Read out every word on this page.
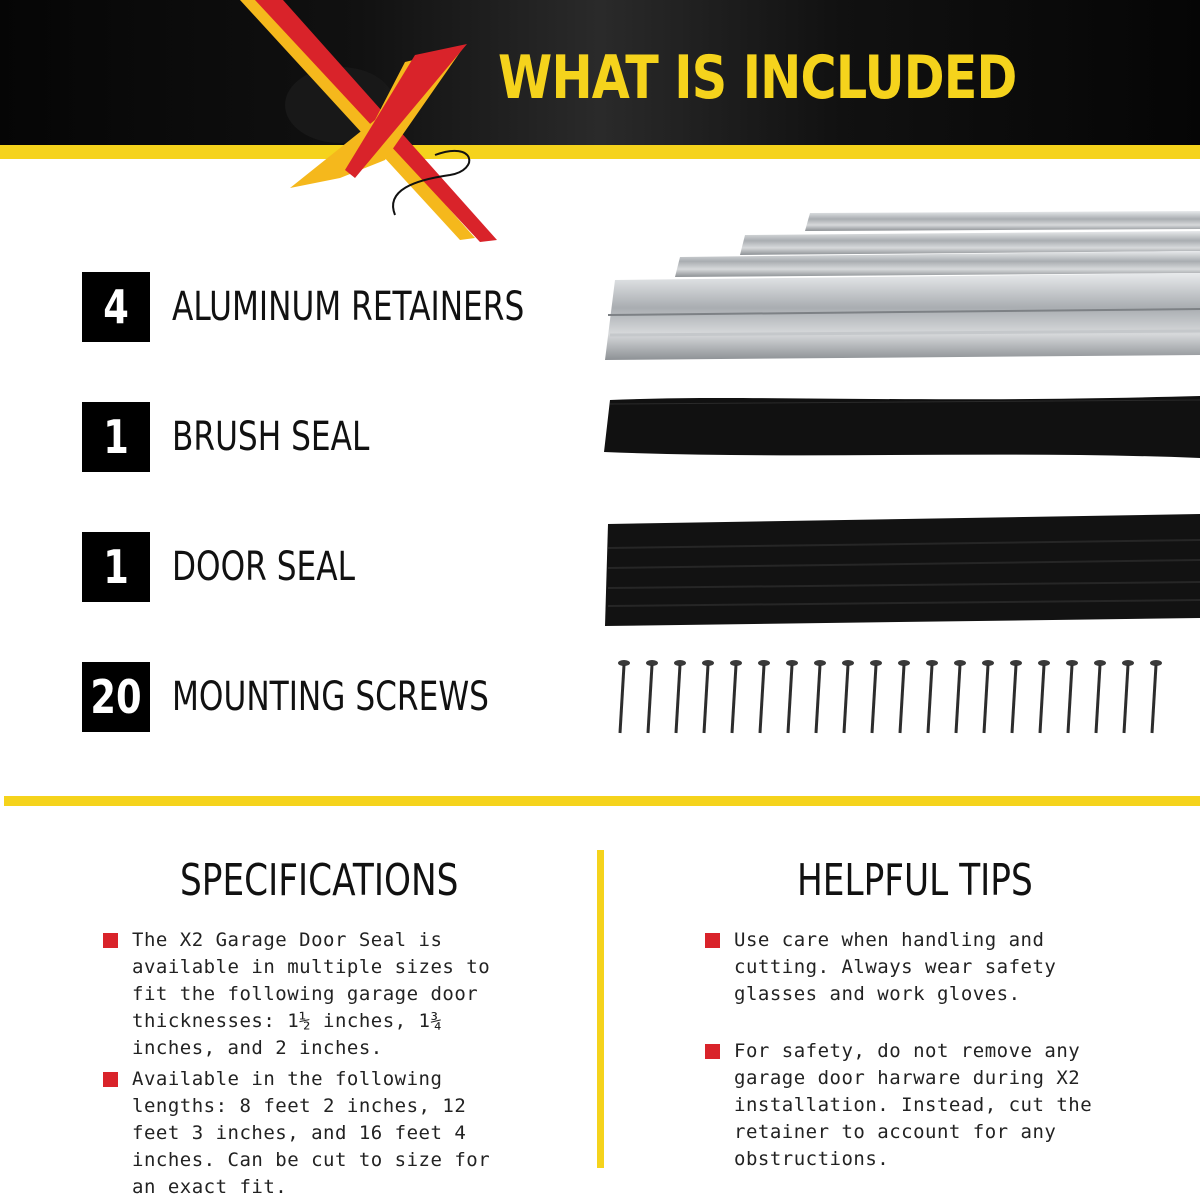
WHAT IS INCLUDED
4	ALUMINUM RETAINERS
1	BRUSH SEAL
1	DOOR SEAL
20 MOUNTING SCREWS
SPECIFICATIONS
The X2 Garage Door Seal is available in multiple sizes to fit the following garage door thicknesses: 1½ inches, 1¾ inches, and 2 inches.
Available in the following lengths: 8 feet 2 inches, 12 feet 3 inches, and 16 feet 4 inches. Can be cut to size for an exact fit.
HELPFUL TIPS
Use care when handling and cutting. Always wear safety glasses and work gloves.
For safety, do not remove any garage door harware during X2 installation. Instead, cut the retainer to account for any obstructions.
